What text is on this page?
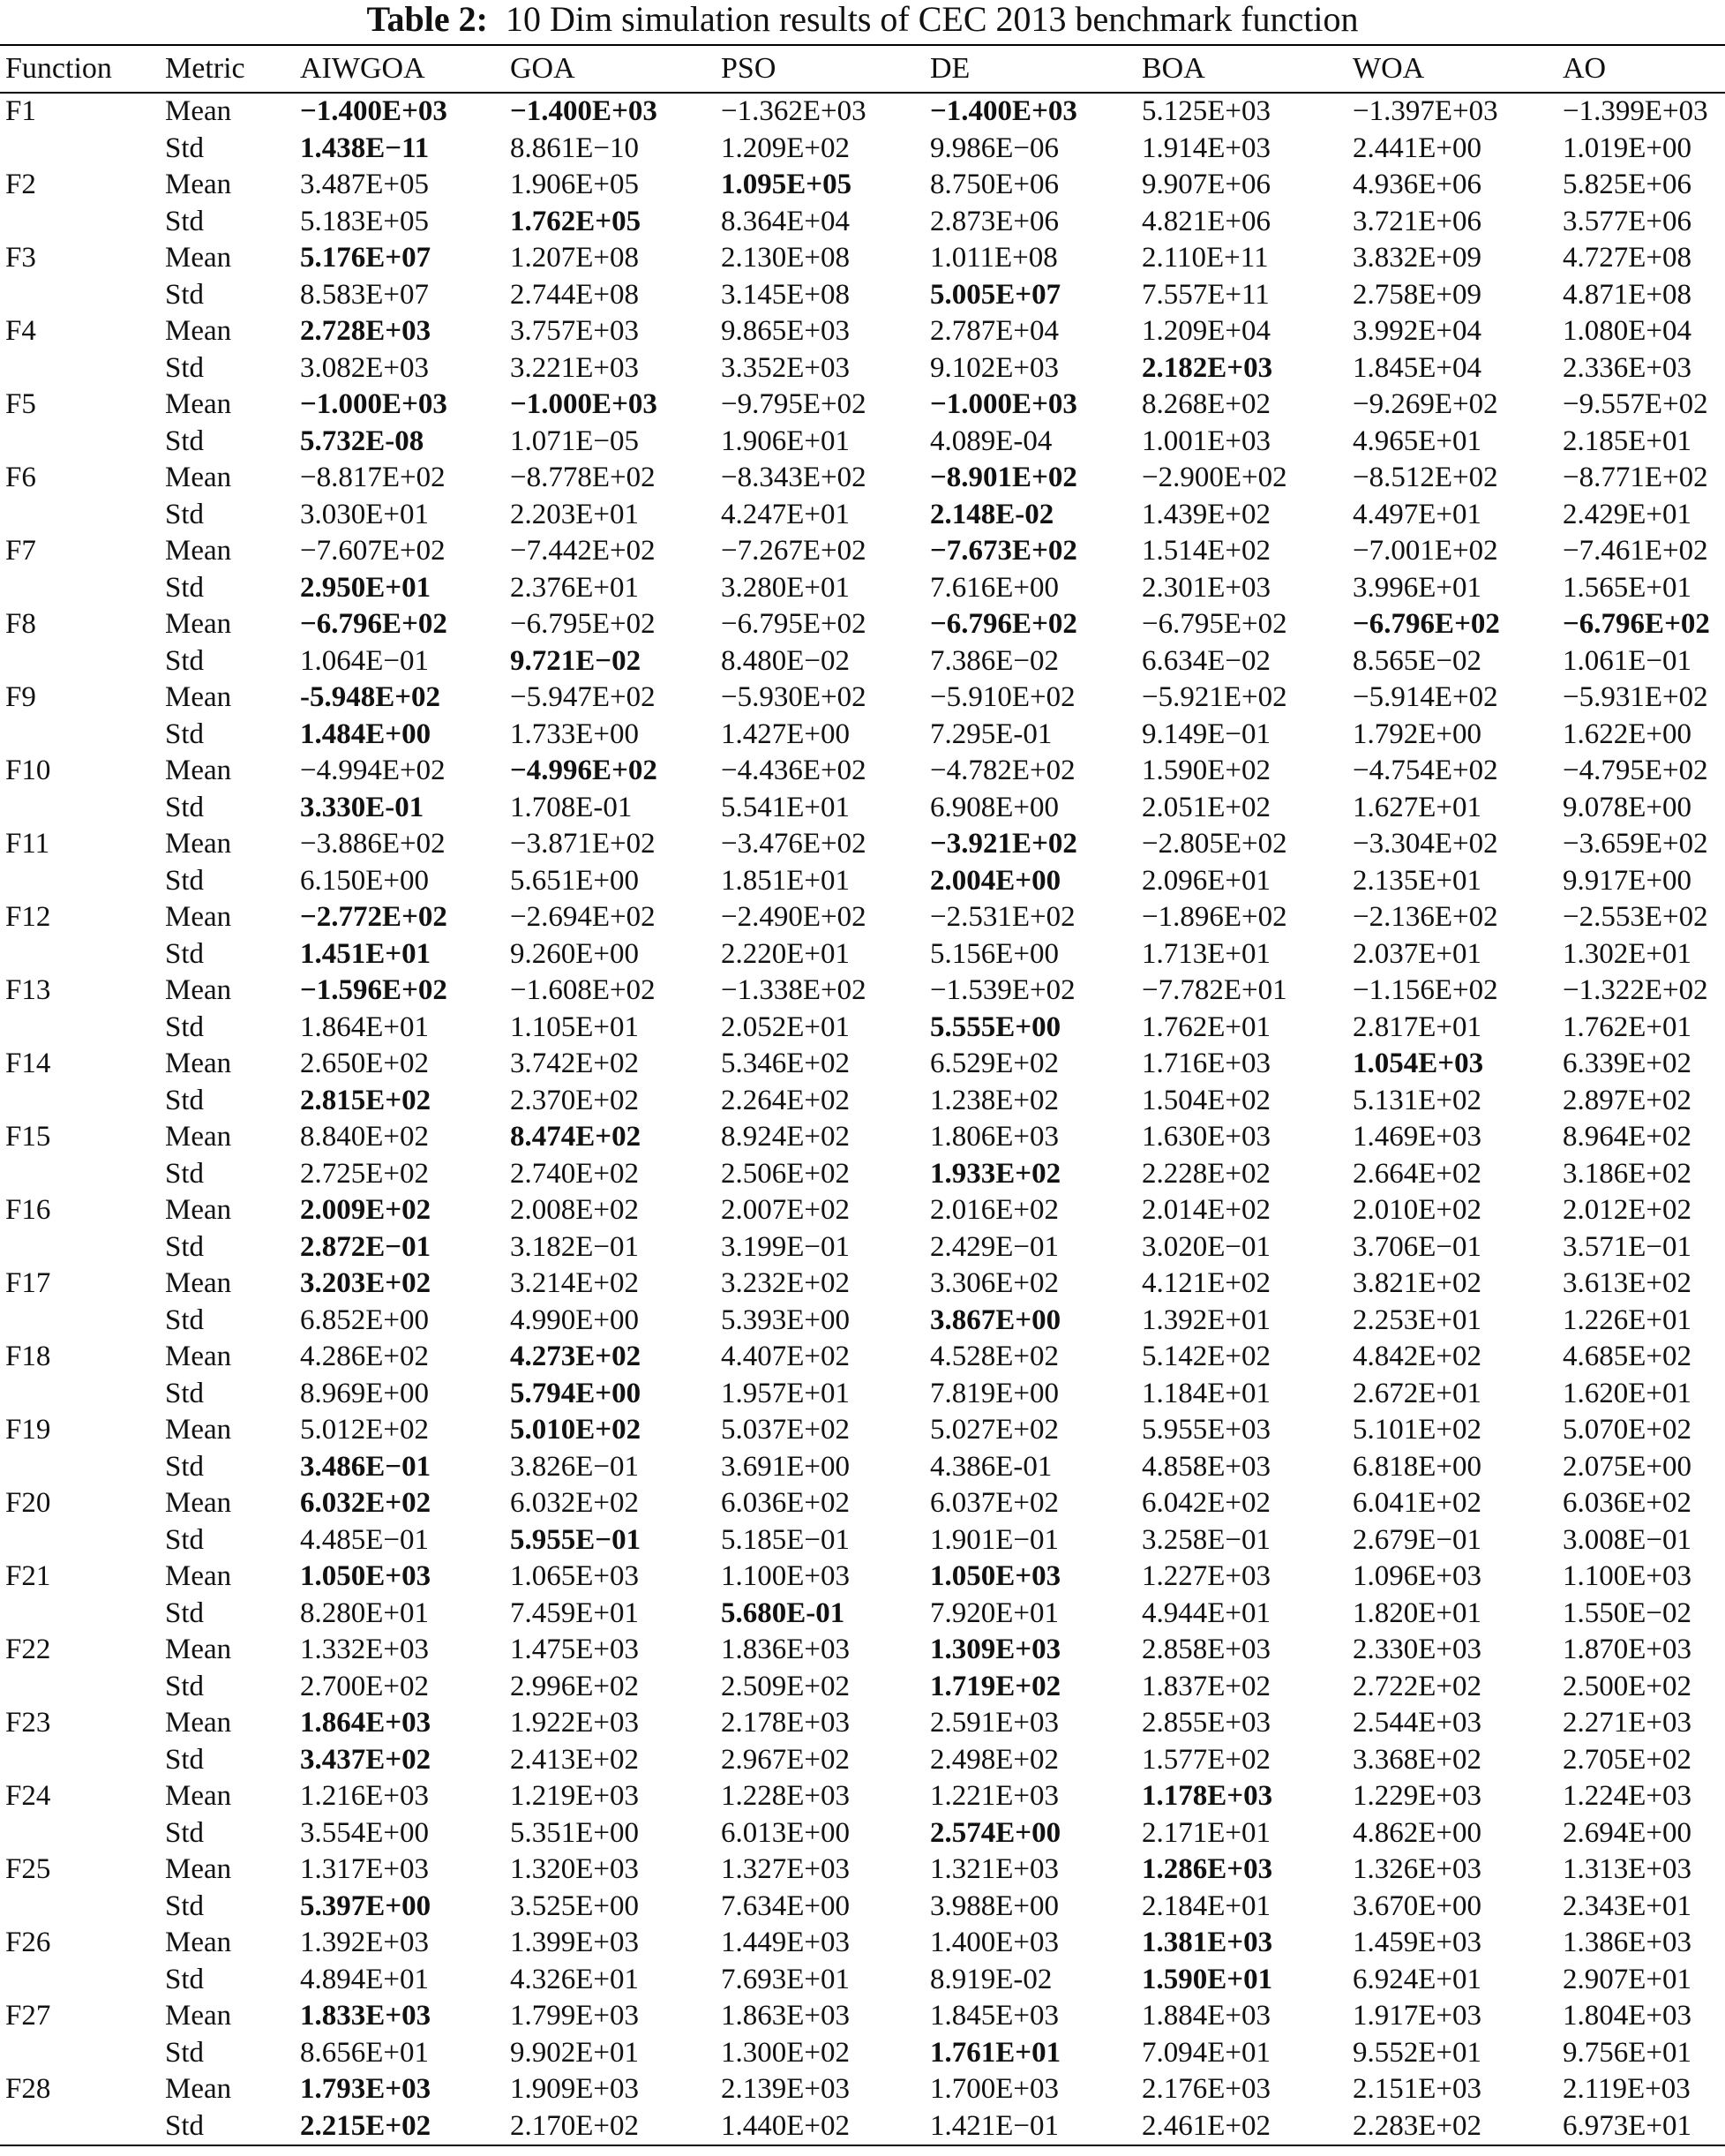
Table 2: 10 Dim simulation results of CEC 2013 benchmark function
Function	Metric	AIWGOA	GOA	PSO	DE	BOA	WOA	AO
F1	Mean	−1.400E+03	−1.400E+03	−1.362E+03	−1.400E+03	5.125E+03	−1.397E+03	−1.399E+03
	Std	1.438E−11	8.861E−10	1.209E+02	9.986E−06	1.914E+03	2.441E+00	1.019E+00
F2	Mean	3.487E+05	1.906E+05	1.095E+05	8.750E+06	9.907E+06	4.936E+06	5.825E+06
	Std	5.183E+05	1.762E+05	8.364E+04	2.873E+06	4.821E+06	3.721E+06	3.577E+06
F3	Mean	5.176E+07	1.207E+08	2.130E+08	1.011E+08	2.110E+11	3.832E+09	4.727E+08
	Std	8.583E+07	2.744E+08	3.145E+08	5.005E+07	7.557E+11	2.758E+09	4.871E+08
F4	Mean	2.728E+03	3.757E+03	9.865E+03	2.787E+04	1.209E+04	3.992E+04	1.080E+04
	Std	3.082E+03	3.221E+03	3.352E+03	9.102E+03	2.182E+03	1.845E+04	2.336E+03
F5	Mean	−1.000E+03	−1.000E+03	−9.795E+02	−1.000E+03	8.268E+02	−9.269E+02	−9.557E+02
	Std	5.732E-08	1.071E−05	1.906E+01	4.089E-04	1.001E+03	4.965E+01	2.185E+01
F6	Mean	−8.817E+02	−8.778E+02	−8.343E+02	−8.901E+02	−2.900E+02	−8.512E+02	−8.771E+02
	Std	3.030E+01	2.203E+01	4.247E+01	2.148E-02	1.439E+02	4.497E+01	2.429E+01
F7	Mean	−7.607E+02	−7.442E+02	−7.267E+02	−7.673E+02	1.514E+02	−7.001E+02	−7.461E+02
	Std	2.950E+01	2.376E+01	3.280E+01	7.616E+00	2.301E+03	3.996E+01	1.565E+01
F8	Mean	−6.796E+02	−6.795E+02	−6.795E+02	−6.796E+02	−6.795E+02	−6.796E+02	−6.796E+02
	Std	1.064E−01	9.721E−02	8.480E−02	7.386E−02	6.634E−02	8.565E−02	1.061E−01
F9	Mean	-5.948E+02	−5.947E+02	−5.930E+02	−5.910E+02	−5.921E+02	−5.914E+02	−5.931E+02
	Std	1.484E+00	1.733E+00	1.427E+00	7.295E-01	9.149E−01	1.792E+00	1.622E+00
F10	Mean	−4.994E+02	−4.996E+02	−4.436E+02	−4.782E+02	1.590E+02	−4.754E+02	−4.795E+02
	Std	3.330E-01	1.708E-01	5.541E+01	6.908E+00	2.051E+02	1.627E+01	9.078E+00
F11	Mean	−3.886E+02	−3.871E+02	−3.476E+02	−3.921E+02	−2.805E+02	−3.304E+02	−3.659E+02
	Std	6.150E+00	5.651E+00	1.851E+01	2.004E+00	2.096E+01	2.135E+01	9.917E+00
F12	Mean	−2.772E+02	−2.694E+02	−2.490E+02	−2.531E+02	−1.896E+02	−2.136E+02	−2.553E+02
	Std	1.451E+01	9.260E+00	2.220E+01	5.156E+00	1.713E+01	2.037E+01	1.302E+01
F13	Mean	−1.596E+02	−1.608E+02	−1.338E+02	−1.539E+02	−7.782E+01	−1.156E+02	−1.322E+02
	Std	1.864E+01	1.105E+01	2.052E+01	5.555E+00	1.762E+01	2.817E+01	1.762E+01
F14	Mean	2.650E+02	3.742E+02	5.346E+02	6.529E+02	1.716E+03	1.054E+03	6.339E+02
	Std	2.815E+02	2.370E+02	2.264E+02	1.238E+02	1.504E+02	5.131E+02	2.897E+02
F15	Mean	8.840E+02	8.474E+02	8.924E+02	1.806E+03	1.630E+03	1.469E+03	8.964E+02
	Std	2.725E+02	2.740E+02	2.506E+02	1.933E+02	2.228E+02	2.664E+02	3.186E+02
F16	Mean	2.009E+02	2.008E+02	2.007E+02	2.016E+02	2.014E+02	2.010E+02	2.012E+02
	Std	2.872E−01	3.182E−01	3.199E−01	2.429E−01	3.020E−01	3.706E−01	3.571E−01
F17	Mean	3.203E+02	3.214E+02	3.232E+02	3.306E+02	4.121E+02	3.821E+02	3.613E+02
	Std	6.852E+00	4.990E+00	5.393E+00	3.867E+00	1.392E+01	2.253E+01	1.226E+01
F18	Mean	4.286E+02	4.273E+02	4.407E+02	4.528E+02	5.142E+02	4.842E+02	4.685E+02
	Std	8.969E+00	5.794E+00	1.957E+01	7.819E+00	1.184E+01	2.672E+01	1.620E+01
F19	Mean	5.012E+02	5.010E+02	5.037E+02	5.027E+02	5.955E+03	5.101E+02	5.070E+02
	Std	3.486E−01	3.826E−01	3.691E+00	4.386E-01	4.858E+03	6.818E+00	2.075E+00
F20	Mean	6.032E+02	6.032E+02	6.036E+02	6.037E+02	6.042E+02	6.041E+02	6.036E+02
	Std	4.485E−01	5.955E−01	5.185E−01	1.901E−01	3.258E−01	2.679E−01	3.008E−01
F21	Mean	1.050E+03	1.065E+03	1.100E+03	1.050E+03	1.227E+03	1.096E+03	1.100E+03
	Std	8.280E+01	7.459E+01	5.680E-01	7.920E+01	4.944E+01	1.820E+01	1.550E−02
F22	Mean	1.332E+03	1.475E+03	1.836E+03	1.309E+03	2.858E+03	2.330E+03	1.870E+03
	Std	2.700E+02	2.996E+02	2.509E+02	1.719E+02	1.837E+02	2.722E+02	2.500E+02
F23	Mean	1.864E+03	1.922E+03	2.178E+03	2.591E+03	2.855E+03	2.544E+03	2.271E+03
	Std	3.437E+02	2.413E+02	2.967E+02	2.498E+02	1.577E+02	3.368E+02	2.705E+02
F24	Mean	1.216E+03	1.219E+03	1.228E+03	1.221E+03	1.178E+03	1.229E+03	1.224E+03
	Std	3.554E+00	5.351E+00	6.013E+00	2.574E+00	2.171E+01	4.862E+00	2.694E+00
F25	Mean	1.317E+03	1.320E+03	1.327E+03	1.321E+03	1.286E+03	1.326E+03	1.313E+03
	Std	5.397E+00	3.525E+00	7.634E+00	3.988E+00	2.184E+01	3.670E+00	2.343E+01
F26	Mean	1.392E+03	1.399E+03	1.449E+03	1.400E+03	1.381E+03	1.459E+03	1.386E+03
	Std	4.894E+01	4.326E+01	7.693E+01	8.919E-02	1.590E+01	6.924E+01	2.907E+01
F27	Mean	1.833E+03	1.799E+03	1.863E+03	1.845E+03	1.884E+03	1.917E+03	1.804E+03
	Std	8.656E+01	9.902E+01	1.300E+02	1.761E+01	7.094E+01	9.552E+01	9.756E+01
F28	Mean	1.793E+03	1.909E+03	2.139E+03	1.700E+03	2.176E+03	2.151E+03	2.119E+03
	Std	2.215E+02	2.170E+02	1.440E+02	1.421E−01	2.461E+02	2.283E+02	6.973E+01
